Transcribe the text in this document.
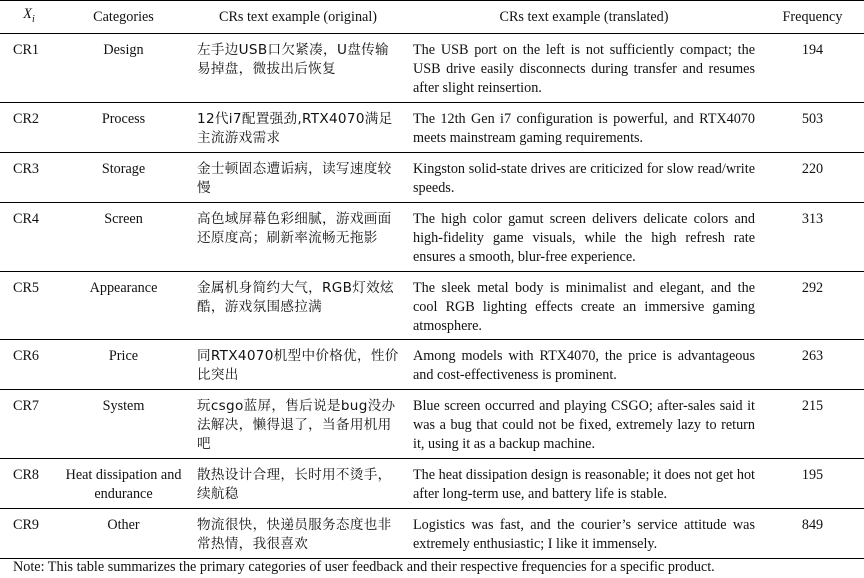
$X_i$	Categories	CRs text example (original)	CRs text example (translated)	Frequency
CR1	Design	左手边USB口欠紧凑，U盘传输易掉盘，微拔出后恢复	The USB port on the left is not sufficiently compact; the USB drive easily disconnects during transfer and resumes after slight reinsertion.	194
CR2	Process	12代i7配置强劲,RTX4070满足主流游戏需求	The 12th Gen i7 configuration is powerful, and RTX4070 meets mainstream gaming requirements.	503
CR3	Storage	金士顿固态遭诟病，读写速度较慢	Kingston solid-state drives are criticized for slow read/write speeds.	220
CR4	Screen	高色域屏幕色彩细腻，游戏画面还原度高；刷新率流畅无拖影	The high color gamut screen delivers delicate colors and high-fidelity game visuals, while the high refresh rate ensures a smooth, blur-free experience.	313
CR5	Appearance	金属机身简约大气，RGB灯效炫酷，游戏氛围感拉满	The sleek metal body is minimalist and elegant, and the cool RGB lighting effects create an immersive gaming atmosphere.	292
CR6	Price	同RTX4070机型中价格优，性价比突出	Among models with RTX4070, the price is advantageous and cost-effectiveness is prominent.	263
CR7	System	玩csgo蓝屏，售后说是bug没办法解决，懒得退了，当备用机用吧	Blue screen occurred and playing CSGO; after-sales said it was a bug that could not be fixed, extremely lazy to return it, using it as a backup machine.	215
CR8	Heat dissipation and endurance	散热设计合理，长时用不烫手，续航稳	The heat dissipation design is reasonable; it does not get hot after long-term use, and battery life is stable.	195
CR9	Other	物流很快，快递员服务态度也非常热情，我很喜欢	Logistics was fast, and the courier’s service attitude was extremely enthusiastic; I like it immensely.	849
Note: This table summarizes the primary categories of user feedback and their respective frequencies for a specific product.
